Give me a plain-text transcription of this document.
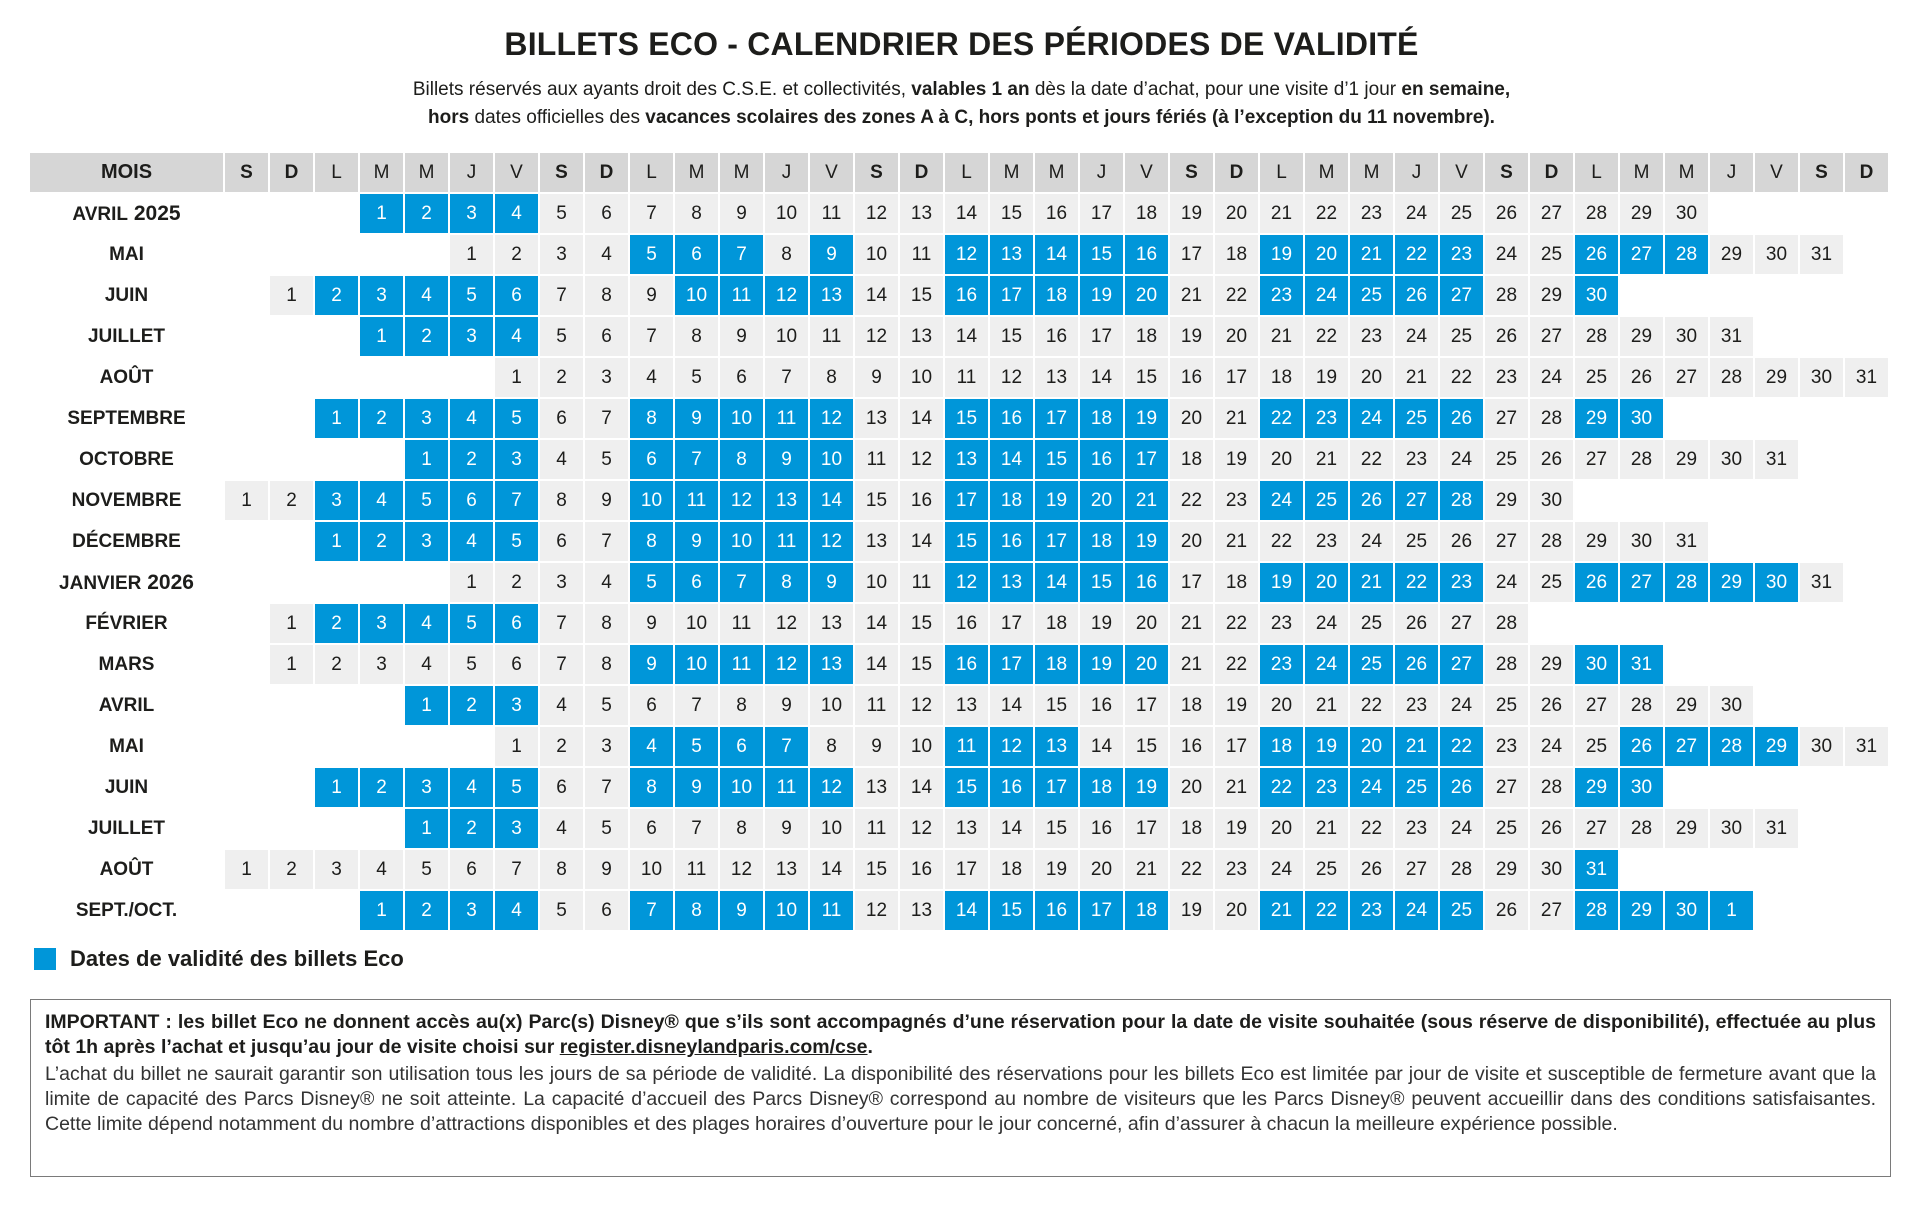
BILLETS ECO - CALENDRIER DES PÉRIODES DE VALIDITÉ
Billets réservés aux ayants droit des C.S.E. et collectivités, valables 1 an dès la date d’achat, pour une visite d’1 jour en semaine,
hors dates officielles des vacances scolaires des zones A à C, hors ponts et jours fériés (à l’exception du 11 novembre).
MOIS	S	D	L	M	M	J	V	S	D	L	M	M	J	V	S	D	L	M	M	J	V	S	D	L	M	M	J	V	S	D	L	M	M	J	V	S	D
AVRIL 2025				1	2	3	4	5	6	7	8	9	10	11	12	13	14	15	16	17	18	19	20	21	22	23	24	25	26	27	28	29	30				
MAI						1	2	3	4	5	6	7	8	9	10	11	12	13	14	15	16	17	18	19	20	21	22	23	24	25	26	27	28	29	30	31	
JUIN		1	2	3	4	5	6	7	8	9	10	11	12	13	14	15	16	17	18	19	20	21	22	23	24	25	26	27	28	29	30						
JUILLET				1	2	3	4	5	6	7	8	9	10	11	12	13	14	15	16	17	18	19	20	21	22	23	24	25	26	27	28	29	30	31			
AOÛT							1	2	3	4	5	6	7	8	9	10	11	12	13	14	15	16	17	18	19	20	21	22	23	24	25	26	27	28	29	30	31
SEPTEMBRE			1	2	3	4	5	6	7	8	9	10	11	12	13	14	15	16	17	18	19	20	21	22	23	24	25	26	27	28	29	30					
OCTOBRE					1	2	3	4	5	6	7	8	9	10	11	12	13	14	15	16	17	18	19	20	21	22	23	24	25	26	27	28	29	30	31		
NOVEMBRE	1	2	3	4	5	6	7	8	9	10	11	12	13	14	15	16	17	18	19	20	21	22	23	24	25	26	27	28	29	30							
DÉCEMBRE			1	2	3	4	5	6	7	8	9	10	11	12	13	14	15	16	17	18	19	20	21	22	23	24	25	26	27	28	29	30	31				
JANVIER 2026						1	2	3	4	5	6	7	8	9	10	11	12	13	14	15	16	17	18	19	20	21	22	23	24	25	26	27	28	29	30	31	
FÉVRIER		1	2	3	4	5	6	7	8	9	10	11	12	13	14	15	16	17	18	19	20	21	22	23	24	25	26	27	28								
MARS		1	2	3	4	5	6	7	8	9	10	11	12	13	14	15	16	17	18	19	20	21	22	23	24	25	26	27	28	29	30	31					
AVRIL					1	2	3	4	5	6	7	8	9	10	11	12	13	14	15	16	17	18	19	20	21	22	23	24	25	26	27	28	29	30			
MAI							1	2	3	4	5	6	7	8	9	10	11	12	13	14	15	16	17	18	19	20	21	22	23	24	25	26	27	28	29	30	31
JUIN			1	2	3	4	5	6	7	8	9	10	11	12	13	14	15	16	17	18	19	20	21	22	23	24	25	26	27	28	29	30					
JUILLET					1	2	3	4	5	6	7	8	9	10	11	12	13	14	15	16	17	18	19	20	21	22	23	24	25	26	27	28	29	30	31		
AOÛT	1	2	3	4	5	6	7	8	9	10	11	12	13	14	15	16	17	18	19	20	21	22	23	24	25	26	27	28	29	30	31						
SEPT./OCT.				1	2	3	4	5	6	7	8	9	10	11	12	13	14	15	16	17	18	19	20	21	22	23	24	25	26	27	28	29	30	1			
Dates de validité des billets Eco

IMPORTANT : les billet Eco ne donnent accès au(x) Parc(s) Disney® que s’ils sont accompagnés d’une réservation pour la date de visite souhaitée (sous réserve de disponibilité), effectuée au plus tôt 1h après l’achat et jusqu’au jour de visite choisi sur register.disneylandparis.com/cse.

L’achat du billet ne saurait garantir son utilisation tous les jours de sa période de validité. La disponibilité des réservations pour les billets Eco est limitée par jour de visite et susceptible de fermeture avant que la limite de capacité des Parcs Disney® ne soit atteinte. La capacité d’accueil des Parcs Disney® correspond au nombre de visiteurs que les Parcs Disney® peuvent accueillir dans des conditions satisfaisantes. Cette limite dépend notamment du nombre d’attractions disponibles et des plages horaires d’ouverture pour le jour concerné, afin d’assurer à chacun la meilleure expérience possible.
